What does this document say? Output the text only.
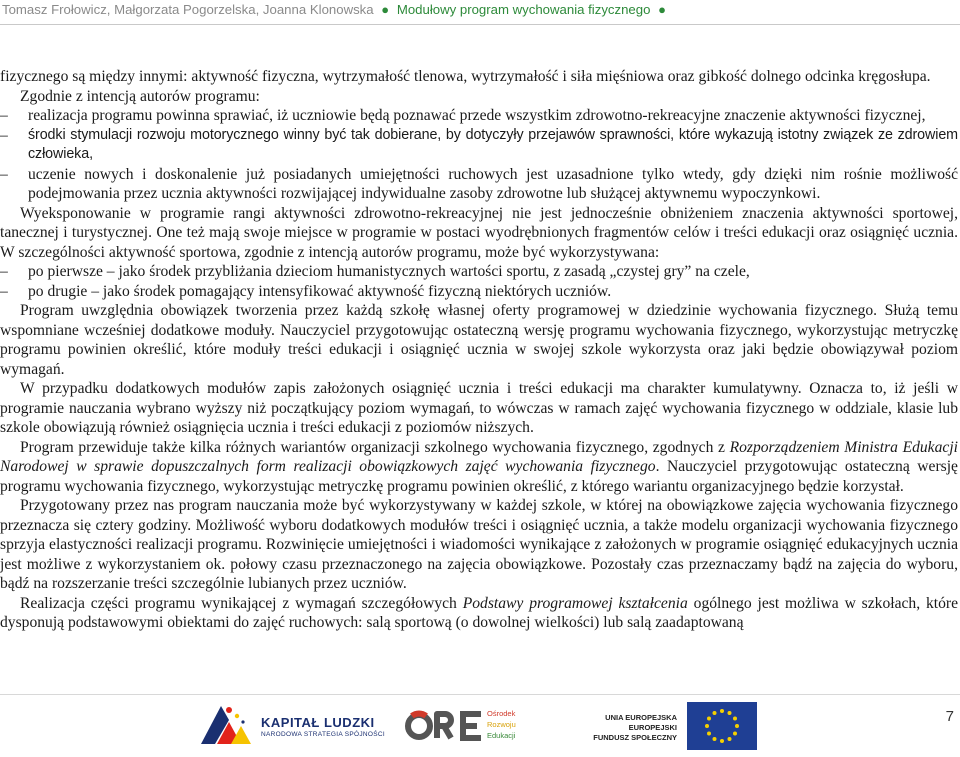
Tomasz Frołowicz, Małgorzata Pogorzelska, Joanna Klonowska ● Modułowy program wychowania fizycznego ●

fizycznego są między innymi: aktywność fizyczna, wytrzymałość tlenowa, wytrzymałość i siła mięśniowa oraz gibkość dolnego odcinka kręgosłupa.

Zgodnie z intencją autorów programu:

– realizacja programu powinna sprawiać, iż uczniowie będą poznawać przede wszystkim zdrowotno-rekreacyjne znaczenie aktywności fizycznej,
– środki stymulacji rozwoju motorycznego winny być tak dobierane, by dotyczyły przejawów sprawności, które wykazują istotny związek ze zdrowiem człowieka,
– uczenie nowych i doskonalenie już posiadanych umiejętności ruchowych jest uzasadnione tylko wtedy, gdy dzięki nim rośnie możliwość podejmowania przez ucznia aktywności rozwijającej indywidualne zasoby zdrowotne lub służącej aktywnemu wypoczynkowi.

Wyeksponowanie w programie rangi aktywności zdrowotno-rekreacyjnej nie jest jednocześnie obniżeniem znaczenia aktywności sportowej, tanecznej i turystycznej. One też mają swoje miejsce w programie w postaci wyodrębnionych fragmentów celów i treści edukacji oraz osiągnięć ucznia. W szczególności aktywność sportowa, zgodnie z intencją autorów programu, może być wykorzystywana:

– po pierwsze – jako środek przybliżania dzieciom humanistycznych wartości sportu, z zasadą „czystej gry” na czele,
– po drugie – jako środek pomagający intensyfikować aktywność fizyczną niektórych uczniów.

Program uwzględnia obowiązek tworzenia przez każdą szkołę własnej oferty programowej w dziedzinie wychowania fizycznego. Służą temu wspomniane wcześniej dodatkowe moduły. Nauczyciel przygotowując ostateczną wersję programu wychowania fizycznego, wykorzystując metryczkę programu powinien określić, które moduły treści edukacji i osiągnięć ucznia w swojej szkole wykorzysta oraz jaki będzie obowiązywał poziom wymagań.

W przypadku dodatkowych modułów zapis założonych osiągnięć ucznia i treści edukacji ma charakter kumulatywny. Oznacza to, iż jeśli w programie nauczania wybrano wyższy niż początkujący poziom wymagań, to wówczas w ramach zajęć wychowania fizycznego w oddziale, klasie lub szkole obowiązują również osiągnięcia ucznia i treści edukacji z poziomów niższych.

Program przewiduje także kilka różnych wariantów organizacji szkolnego wychowania fizycznego, zgodnych z Rozporządzeniem Ministra Edukacji Narodowej w sprawie dopuszczalnych form realizacji obowiązkowych zajęć wychowania fizycznego. Nauczyciel przygotowując ostateczną wersję programu wychowania fizycznego, wykorzystując metryczkę programu powinien określić, z którego wariantu organizacyjnego będzie korzystał.

Przygotowany przez nas program nauczania może być wykorzystywany w każdej szkole, w której na obowiązkowe zajęcia wychowania fizycznego przeznacza się cztery godziny. Możliwość wyboru dodatkowych modułów treści i osiągnięć ucznia, a także modelu organizacji wychowania fizycznego sprzyja elastyczności realizacji programu. Rozwinięcie umiejętności i wiadomości wynikające z założonych w programie osiągnięć edukacyjnych ucznia jest możliwe z wykorzystaniem ok. połowy czasu przeznaczonego na zajęcia obowiązkowe. Pozostały czas przeznaczamy bądź na zajęcia do wyboru, bądź na rozszerzanie treści szczególnie lubianych przez uczniów.

Realizacja części programu wynikającej z wymagań szczegółowych Podstawy programowej kształcenia ogólnego jest możliwa w szkołach, które dysponują podstawowymi obiektami do zajęć ruchowych: salą sportową (o dowolnej wielkości) lub salą zaadaptowaną

KAPITAŁ LUDZKI
NARODOWA STRATEGIA SPÓJNOŚCI
Ośrodek
Rozwoju
Edukacji
UNIA EUROPEJSKA
EUROPEJSKI
FUNDUSZ SPOŁECZNY
7
